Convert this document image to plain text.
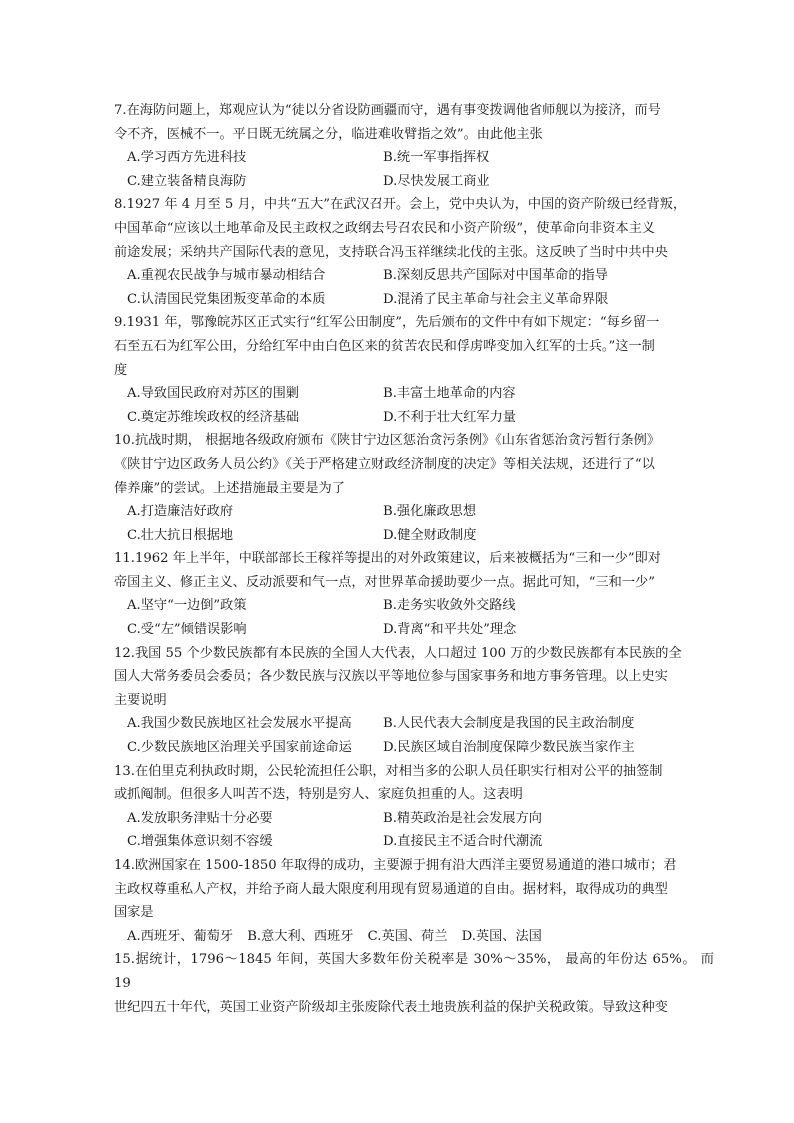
7.在海防问题上，郑观应认为“徒以分省设防画疆而守，遇有事变拨调他省师舰以为接济，而号
令不齐，医械不一。平日既无统属之分，临进难收臂指之效”。由此他主张
A.学习西方先进科技	B.统一军事指挥权
C.建立装备精良海防	D.尽快发展工商业
8.1927 年 4 月至 5 月，中共“五大”在武汉召开。会上，党中央认为，中国的资产阶级已经背叛，
中国革命“应该以土地革命及民主政权之政纲去号召农民和小资产阶级”，使革命向非资本主义
前途发展；采纳共产国际代表的意见，支持联合冯玉祥继续北伐的主张。这反映了当时中共中央
A.重视农民战争与城市暴动相结合	B.深刻反思共产国际对中国革命的指导
C.认清国民党集团叛变革命的本质	D.混淆了民主革命与社会主义革命界限
9.1931 年，鄂豫皖苏区正式实行“红军公田制度”，先后颁布的文件中有如下规定：“每乡留一
石至五石为红军公田，分给红军中由白色区来的贫苦农民和俘虏哗变加入红军的士兵。”这一制
度
A.导致国民政府对苏区的围剿	B.丰富土地革命的内容
C.奠定苏维埃政权的经济基础	D.不利于壮大红军力量
10.抗战时期， 根据地各级政府颁布《陕甘宁边区惩治贪污条例》《山东省惩治贪污暂行条例》
《陕甘宁边区政务人员公约》《关于严格建立财政经济制度的决定》等相关法规，还进行了“以
俸养廉”的尝试。上述措施最主要是为了
A.打造廉洁好政府	B.强化廉政思想
C.壮大抗日根据地	D.健全财政制度
11.1962 年上半年，中联部部长王稼祥等提出的对外政策建议，后来被概括为“三和一少”即对
帝国主义、修正主义、反动派要和气一点，对世界革命援助要少一点。据此可知，“三和一少”
A.坚守“一边倒”政策	B.走务实收敛外交路线
C.受“左”倾错误影响	D.背离“和平共处”理念
12.我国 55 个少数民族都有本民族的全国人大代表，人口超过 100 万的少数民族都有本民族的全
国人大常务委员会委员；各少数民族与汉族以平等地位参与国家事务和地方事务管理。以上史实
主要说明
A.我国少数民族地区社会发展水平提高	B.人民代表大会制度是我国的民主政治制度
C.少数民族地区治理关乎国家前途命运	D.民族区域自治制度保障少数民族当家作主
13.在伯里克利执政时期，公民轮流担任公职，对相当多的公职人员任职实行相对公平的抽签制
或抓阄制。但很多人叫苦不迭，特别是穷人、家庭负担重的人。这表明
A.发放职务津贴十分必要	B.精英政治是社会发展方向
C.增强集体意识刻不容缓	D.直接民主不适合时代潮流
14.欧洲国家在 1500-1850 年取得的成功，主要源于拥有沿大西洋主要贸易通道的港口城市；君
主政权尊重私人产权，并给予商人最大限度利用现有贸易通道的自由。据材料，取得成功的典型
国家是
A.西班牙、葡萄牙 B.意大利、西班牙 C.英国、荷兰 D.英国、法国
15.据统计，1796～1845 年间，英国大多数年份关税率是 30%～35%， 最高的年份达 65%。 而 19
世纪四五十年代，英国工业资产阶级却主张废除代表土地贵族利益的保护关税政策。导致这种变
